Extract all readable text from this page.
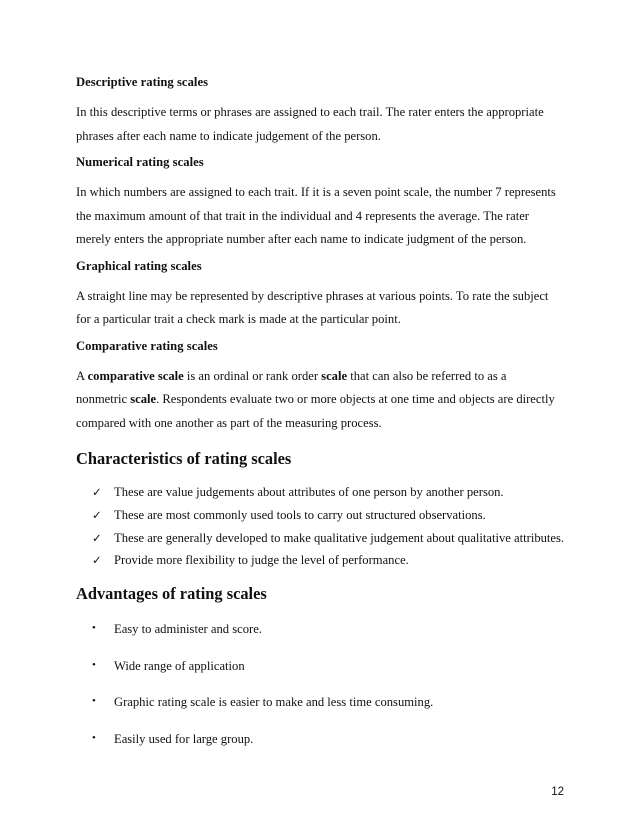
Descriptive rating scales

In this descriptive terms or phrases are assigned to each trail. The rater enters the appropriate

phrases after each name to indicate judgement of the person.

Numerical rating scales

In which numbers are assigned to each trait. If it is a seven point scale, the number 7 represents

the maximum amount of that trait in the individual and 4 represents the average. The rater

merely enters the appropriate number after each name to indicate judgment of the person.

Graphical rating scales

A straight line may be represented by descriptive phrases at various points. To rate the subject

for a particular trait a check mark is made at the particular point.

Comparative rating scales

A comparative scale is an ordinal or rank order scale that can also be referred to as a

nonmetric scale. Respondents evaluate two or more objects at one time and objects are directly

compared with one another as part of the measuring process.

Characteristics of rating scales

✓ These are value judgements about attributes of one person by another person.
✓ These are most commonly used tools to carry out structured observations.
✓ These are generally developed to make qualitative judgement about qualitative attributes.
✓ Provide more flexibility to judge the level of performance.

Advantages of rating scales

•	Easy to administer and score.
•	Wide range of application
•	Graphic rating scale is easier to make and less time consuming.
•	Easily used for large group.
12
